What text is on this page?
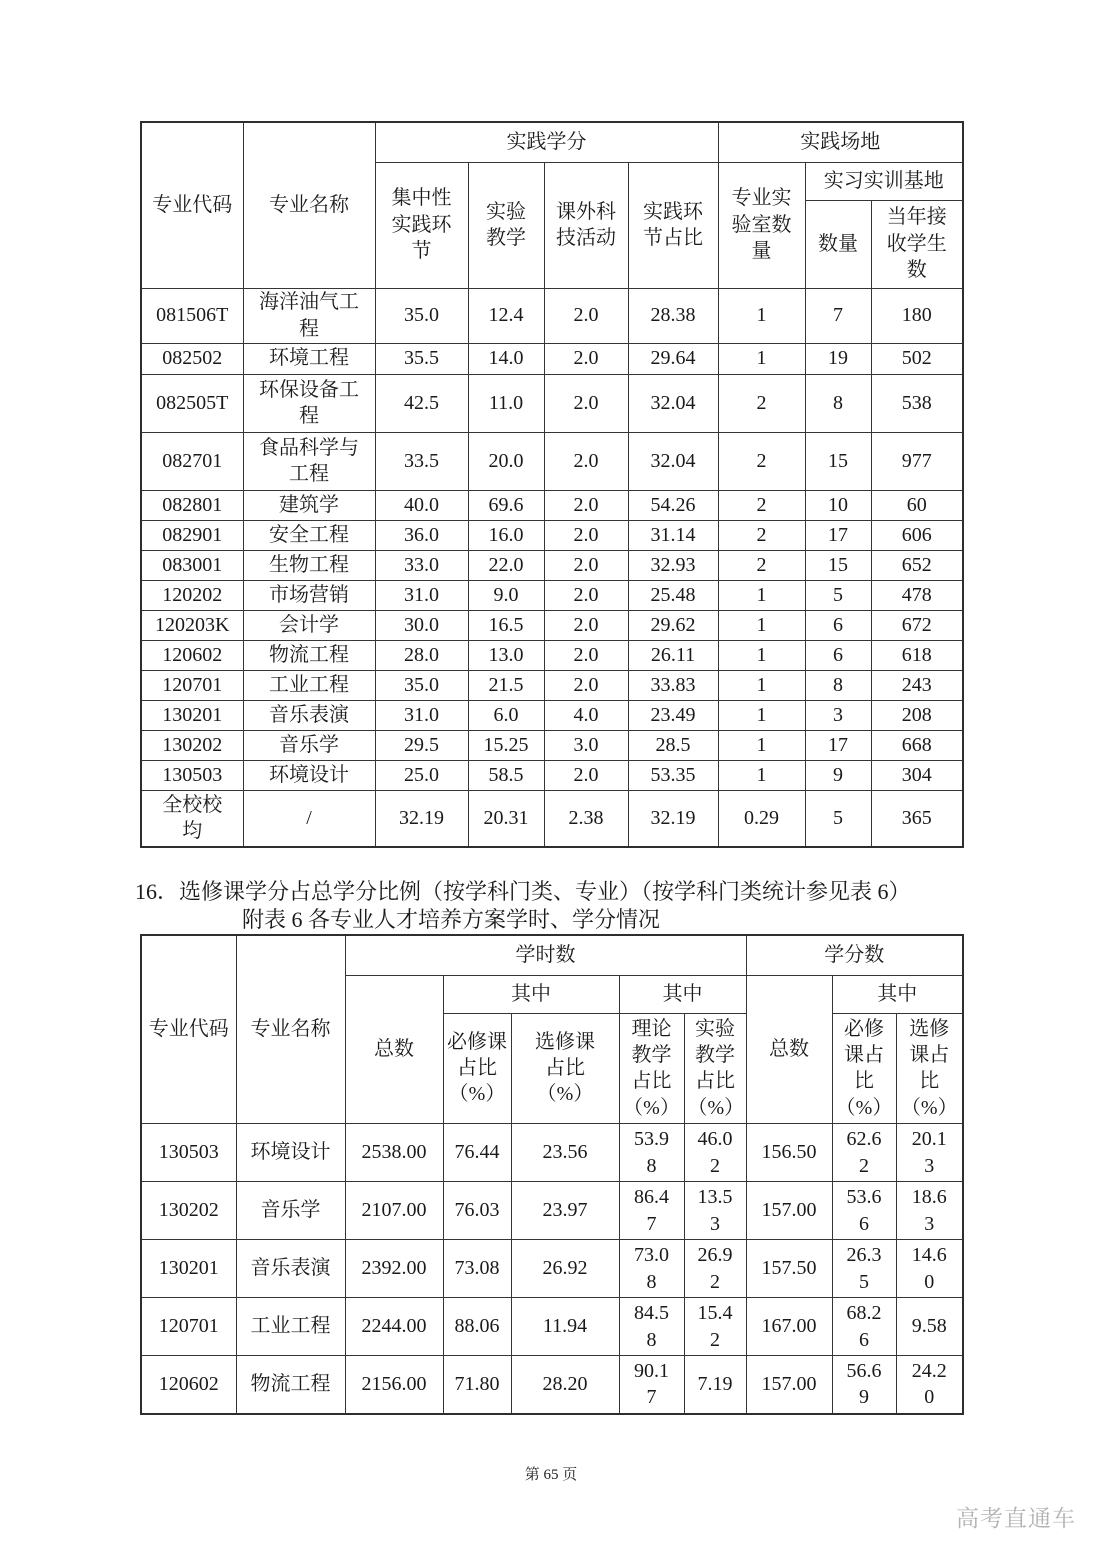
专业代码	专业名称	实践学分				实践场地		
		集中性实践环节	实验教学	课外科技活动	实践环节占比	专业实验室数量	实习实训基地	
							数量	当年接收学生数
081506T	海洋油气工程	35.0	12.4	2.0	28.38	1	7	180
082502	环境工程	35.5	14.0	2.0	29.64	1	19	502
082505T	环保设备工程	42.5	11.0	2.0	32.04	2	8	538
082701	食品科学与工程	33.5	20.0	2.0	32.04	2	15	977
082801	建筑学	40.0	69.6	2.0	54.26	2	10	60
082901	安全工程	36.0	16.0	2.0	31.14	2	17	606
083001	生物工程	33.0	22.0	2.0	32.93	2	15	652
120202	市场营销	31.0	9.0	2.0	25.48	1	5	478
120203K	会计学	30.0	16.5	2.0	29.62	1	6	672
120602	物流工程	28.0	13.0	2.0	26.11	1	6	618
120701	工业工程	35.0	21.5	2.0	33.83	1	8	243
130201	音乐表演	31.0	6.0	4.0	23.49	1	3	208
130202	音乐学	29.5	15.25	3.0	28.5	1	17	668
130503	环境设计	25.0	58.5	2.0	53.35	1	9	304
全校校均	/	32.19	20.31	2.38	32.19	0.29	5	365
16．选修课学分占总学分比例（按学科门类、专业）（按学科门类统计参见表 6）
附表 6 各专业人才培养方案学时、学分情况
专业代码	专业名称	学时数					学分数		
		总数	其中		其中		总数	其中	
			必修课占比（%）	选修课占比（%）	理论教学占比（%）	实验教学占比（%）		必修课占比（%）	选修课占比（%）
130503	环境设计	2538.00	76.44	23.56	53.98	46.02	156.50	62.62	20.13
130202	音乐学	2107.00	76.03	23.97	86.47	13.53	157.00	53.66	18.63
130201	音乐表演	2392.00	73.08	26.92	73.08	26.92	157.50	26.35	14.60
120701	工业工程	2244.00	88.06	11.94	84.58	15.42	167.00	68.26	9.58
120602	物流工程	2156.00	71.80	28.20	90.17	7.19	157.00	56.69	24.20
第 65 页
高考直通车
